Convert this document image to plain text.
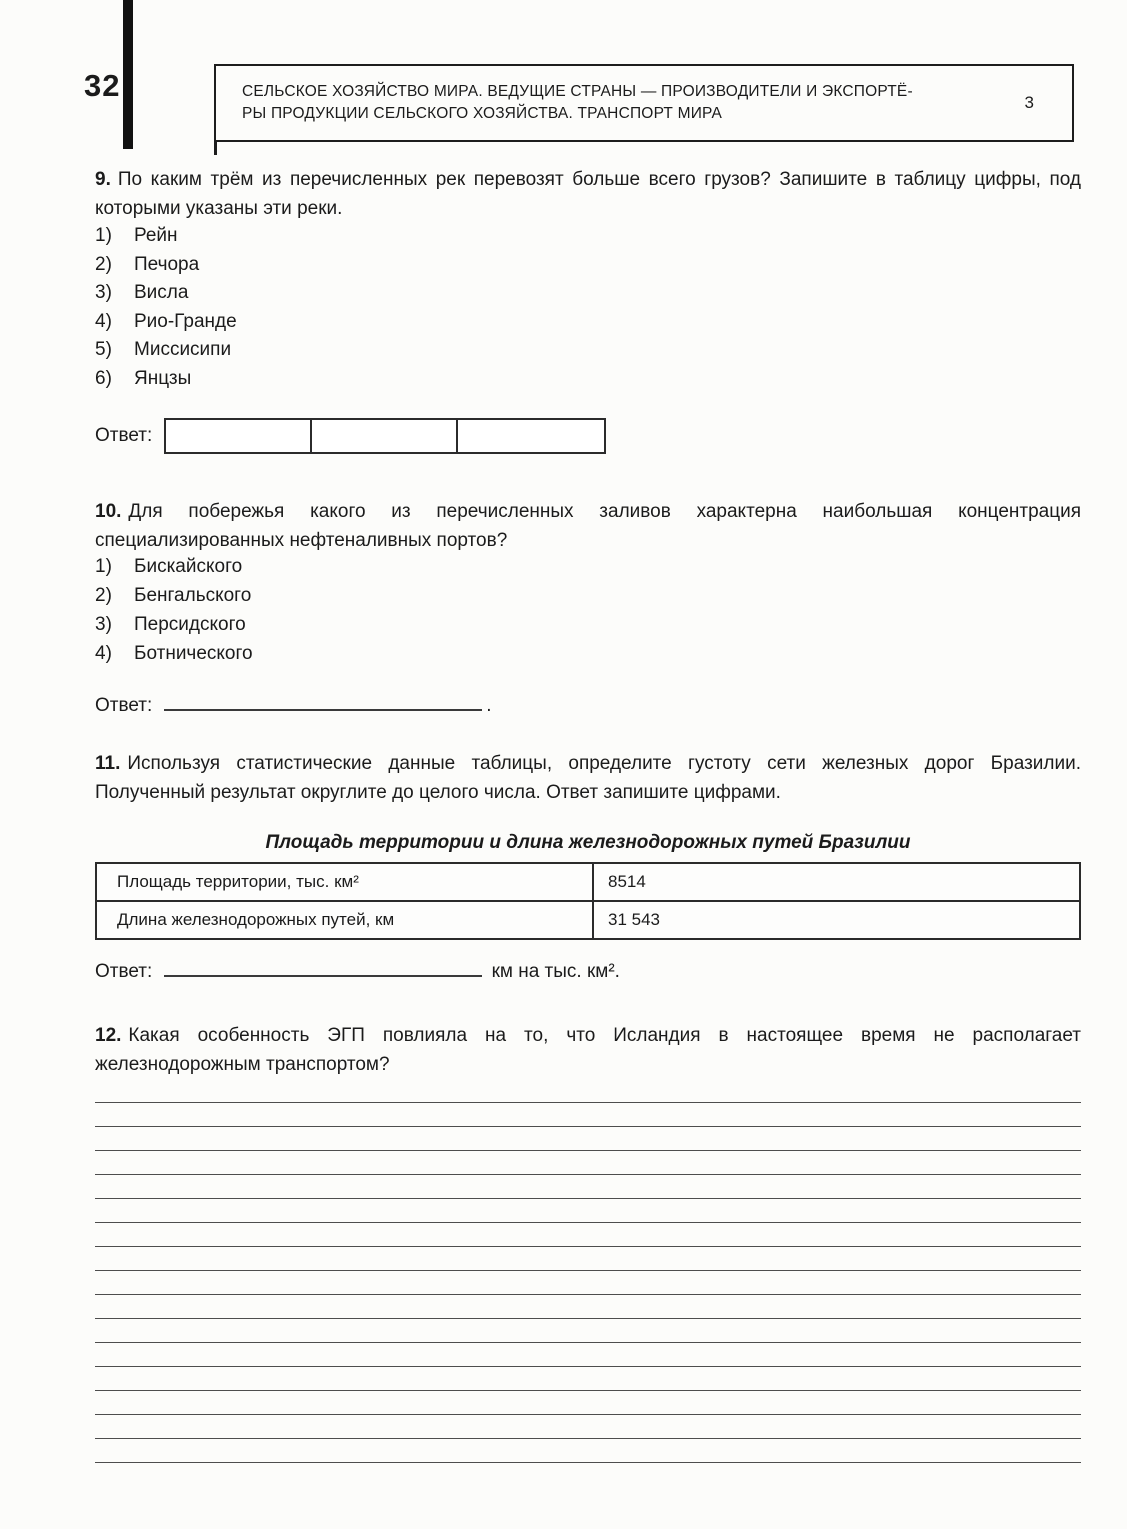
32	СЕЛЬСКОЕ ХОЗЯЙСТВО МИРА. ВЕДУЩИЕ СТРАНЫ — ПРОИЗВОДИТЕЛИ И ЭКСПОРТЁ-
РЫ ПРОДУКЦИИ СЕЛЬСКОГО ХОЗЯЙСТВА. ТРАНСПОРТ МИРА
3

9. По каким трём из перечисленных рек перевозят больше всего грузов? Запишите в таблицу цифры, под которыми указаны эти реки.

1) Рейн
2) Печора
3) Висла
4) Рио-Гранде
5) Миссисипи
6) Янцзы
Ответ:

10. Для побережья какого из перечисленных заливов характерна наибольшая концентрация специализированных нефтеналивных портов?

1) Бискайского
2) Бенгальского
3) Персидского
4) Ботнического
Ответ:	.

11. Используя статистические данные таблицы, определите густоту сети железных дорог Бразилии. Полученный результат округлите до целого числа. Ответ запишите цифрами.

Площадь территории и длина железнодорожных путей Бразилии
Площадь территории, тыс. км²	8514
Длина железнодорожных путей, км	31 543
Ответ:	км на тыс. км².

12. Какая особенность ЭГП повлияла на то, что Исландия в настоящее время не располагает железнодорожным транспортом?
